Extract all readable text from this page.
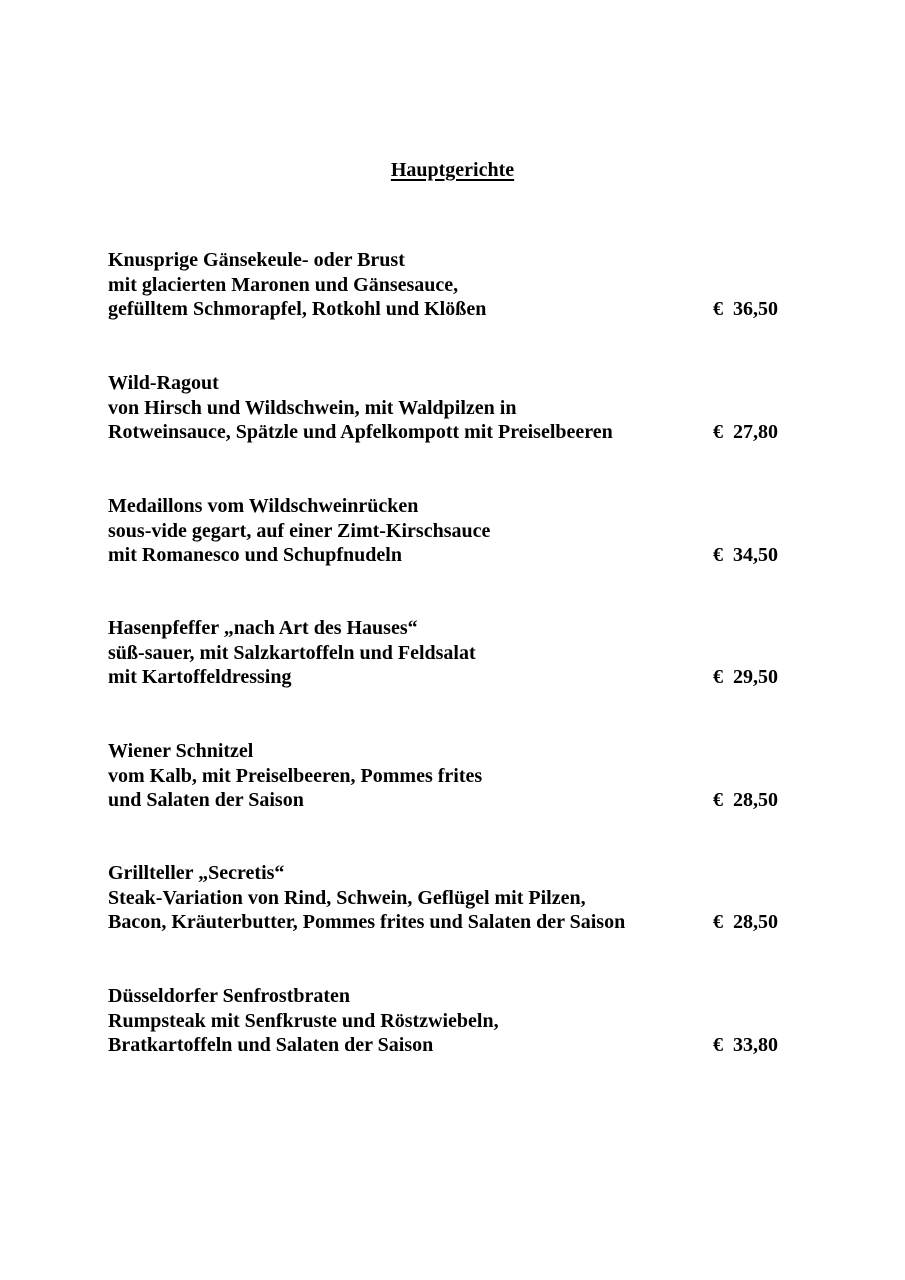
Hauptgerichte
Knusprige Gänsekeule- oder Brust
mit glacierten Maronen und Gänsesauce,
gefülltem Schmorapfel, Rotkohl und Klößen	€ 36,50
Wild-Ragout
von Hirsch und Wildschwein, mit Waldpilzen in
Rotweinsauce, Spätzle und Apfelkompott mit Preiselbeeren	€ 27,80
Medaillons vom Wildschweinrücken
sous-vide gegart, auf einer Zimt-Kirschsauce
mit Romanesco und Schupfnudeln	€ 34,50
Hasenpfeffer „nach Art des Hauses“
süß-sauer, mit Salzkartoffeln und Feldsalat
mit Kartoffeldressing	€ 29,50
Wiener Schnitzel
vom Kalb, mit Preiselbeeren, Pommes frites
und Salaten der Saison	€ 28,50
Grillteller „Secretis“
Steak-Variation von Rind, Schwein, Geflügel mit Pilzen,
Bacon, Kräuterbutter, Pommes frites und Salaten der Saison	€ 28,50
Düsseldorfer Senfrostbraten
Rumpsteak mit Senfkruste und Röstzwiebeln,
Bratkartoffeln und Salaten der Saison	€ 33,80
